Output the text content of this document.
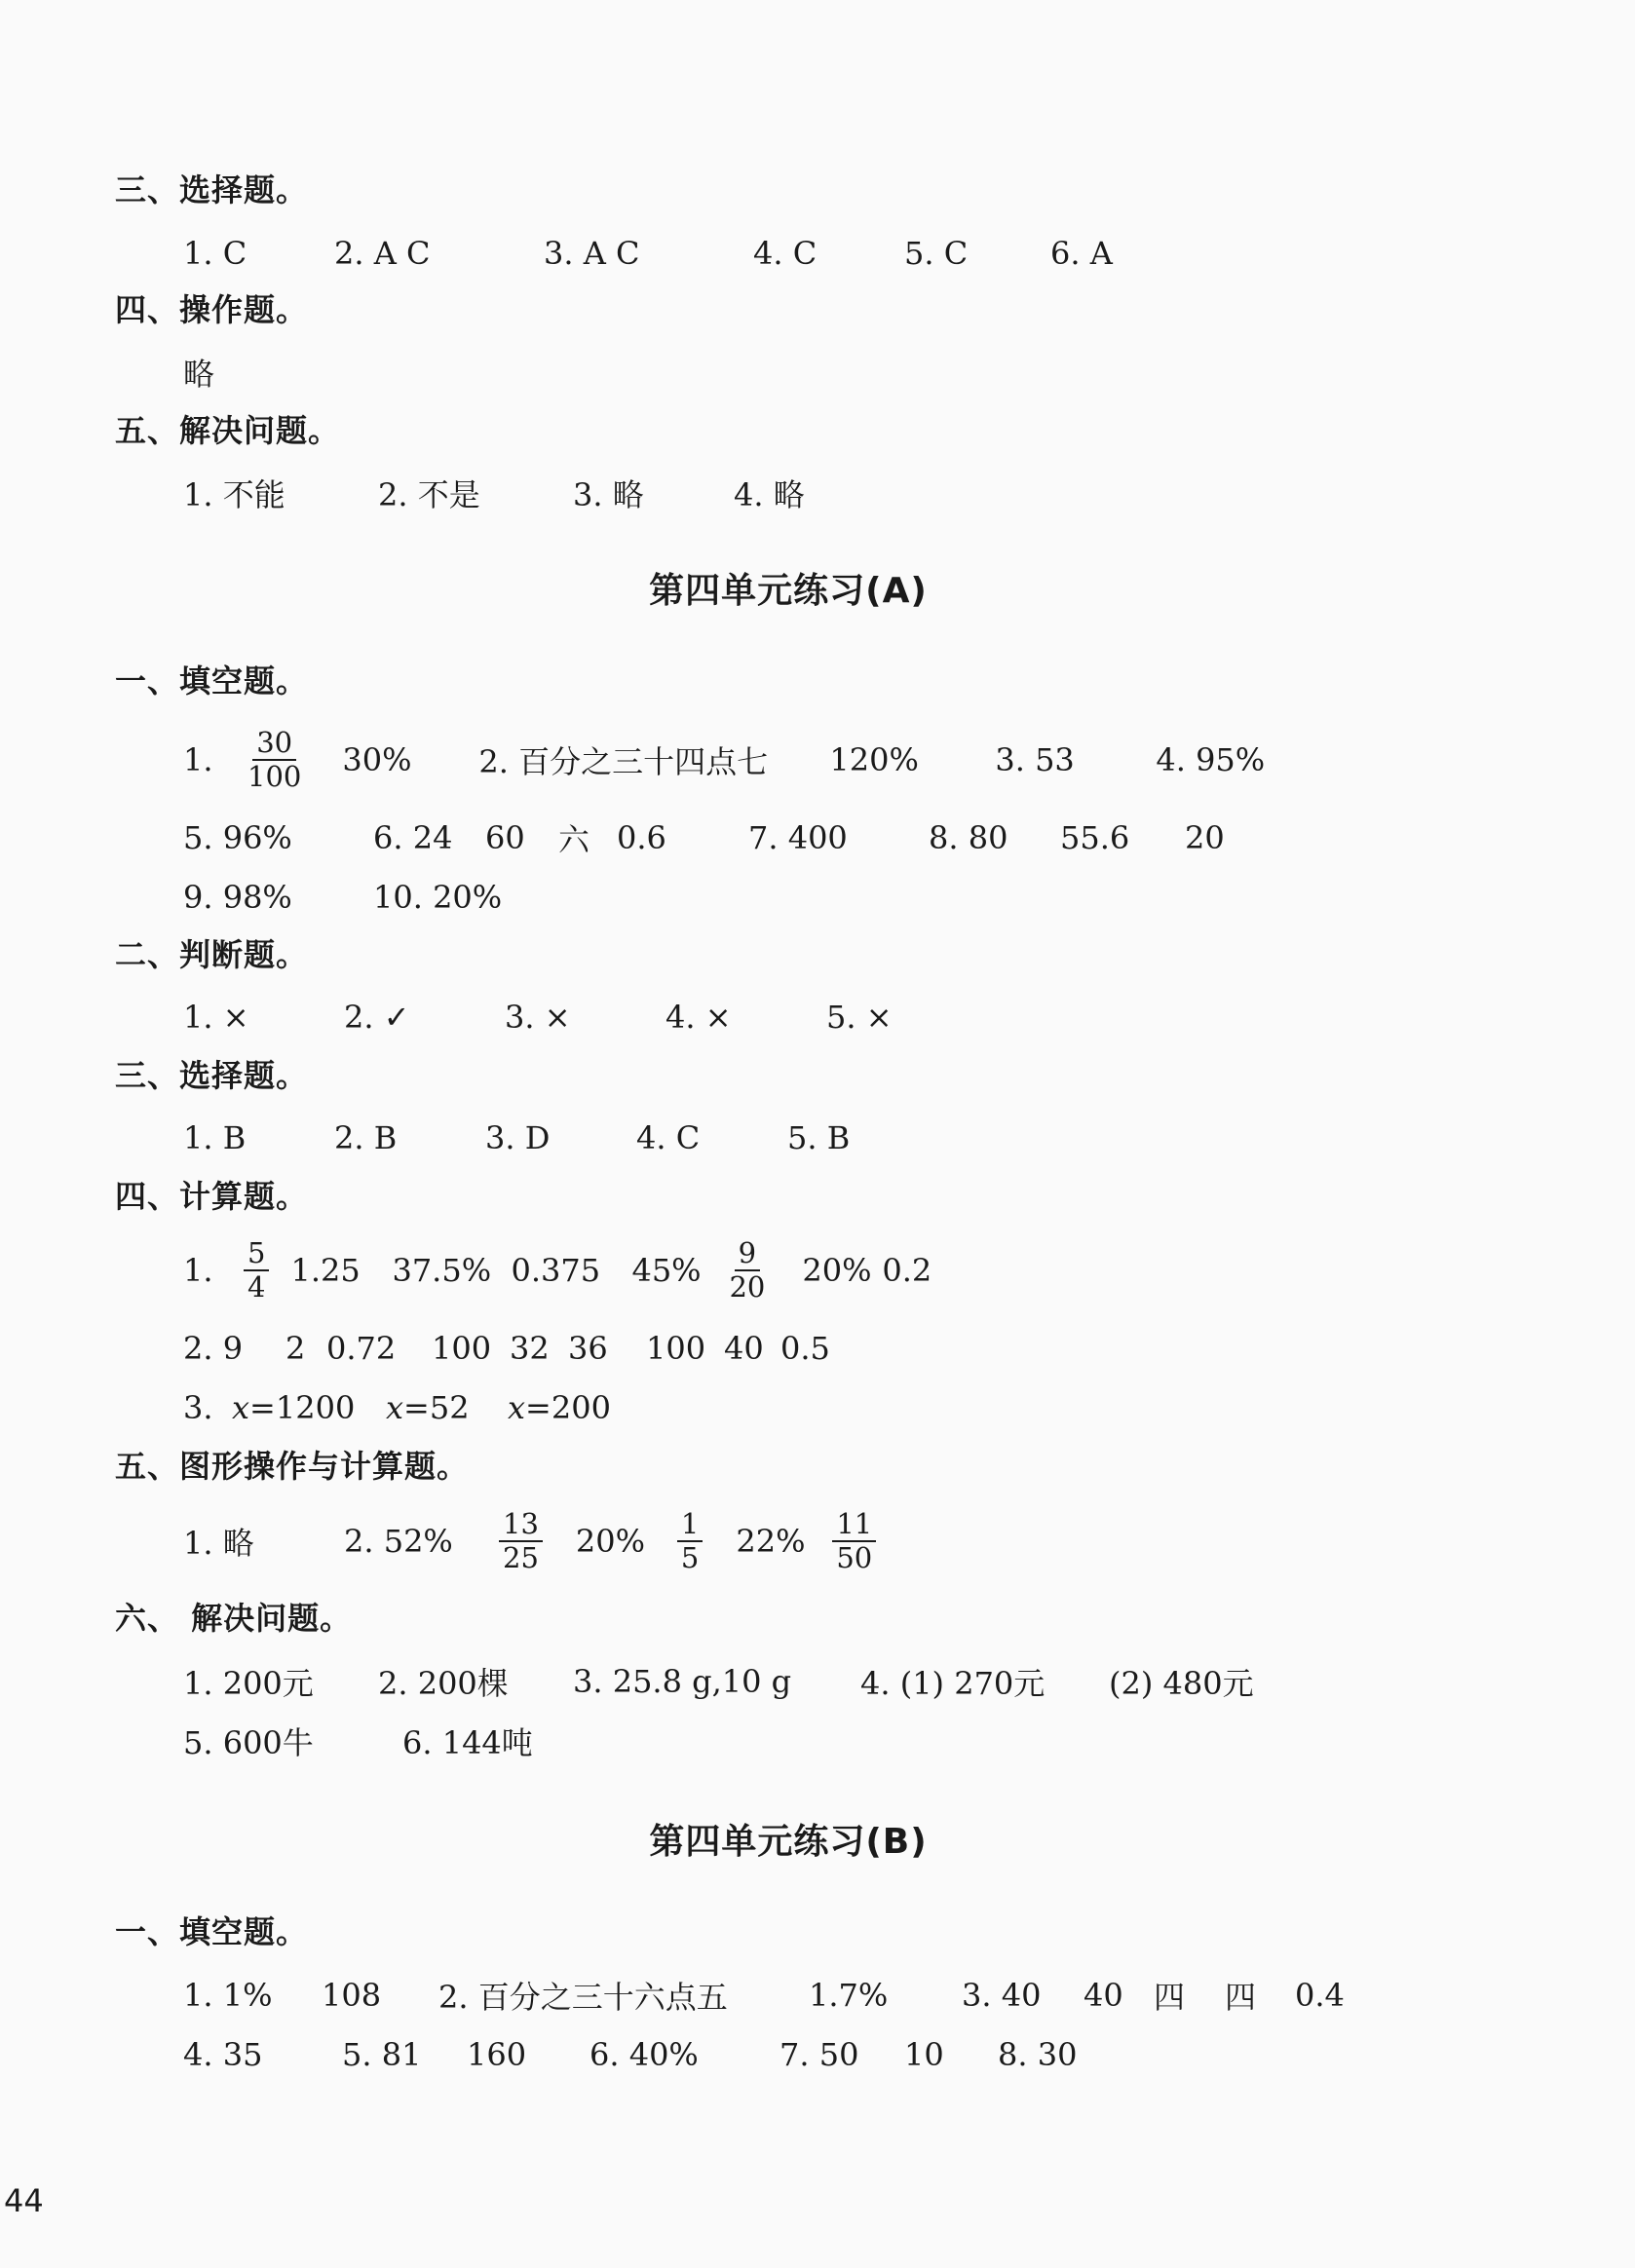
三、选择题。
1. C	2. A C	3. A C	4. C	5. C	6. A
四、操作题。
略
五、解决问题。
1. 不能	2. 不是	3. 略	4. 略
第四单元练习(A)
一、填空题。
1.	$\frac{30}{100} 30\%$	2. 百分之三十四点七	120%	3. 53	4. 95%
5. 96%	6. 24	60	六 0.6	7. 400	8. 80	55.6	20
9. 98%	10. 20%
二、判断题。
1. ×	2. ✓	3. ×	4. ×	5. ×
三、选择题。
1. B	2. B	3. D	4. C	5. B
四、计算题。
1.	$\frac{5}{4} 1.25$	37.5% 0.375	$45\% \frac{9}{20} 20\%$ 0.2
2. 9	2 0.72	100 32 36	100 40 0.5
3. x=1200 x=52	x=200
五、图形操作与计算题。
1. 略	2. 52%	$\frac{13}{25} 20\%$	$\frac{1}{5} 22\% \frac{11}{50}$
六、 解决问题。
1. 200元	2. 200棵	3. 25.8 g,10 g	4. (1) 270元	(2) 480元
5. 600牛	6. 144吨
第四单元练习(B)
一、填空题。
1. 1%	108	2. 百分之三十六点五	1.7%	3. 40	40 四	四	0.4
4. 35	5. 81	160	6. 40%	7. 50	10	8. 30
44
